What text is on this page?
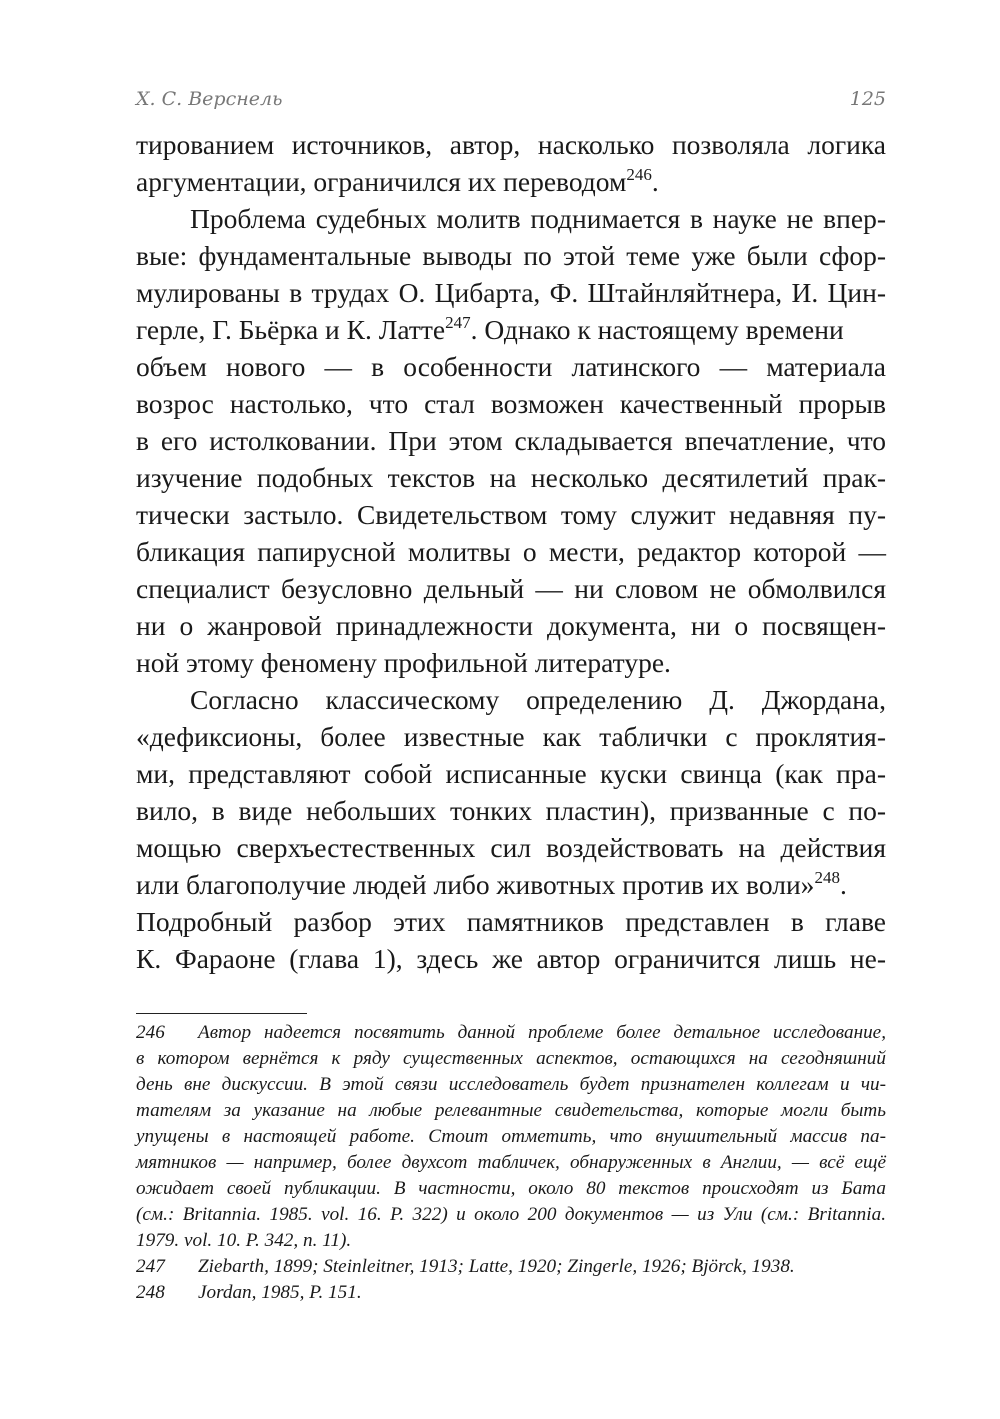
Х. С. Верснель	125
тированием источников, автор, насколько позволяла логика
аргументации, ограничился их переводом$^{246}$.
Проблема судебных молитв поднимается в науке не впер-
вые: фундаментальные выводы по этой теме уже были сфор-
мулированы в трудах О. Цибарта, Ф. Штайнляйтнера, И. Цин-
герле, Г. Бьёрка и К. Латте$^{247}$. Однако к настоящему времени
объем нового — в особенности латинского — материала
возрос настолько, что стал возможен качественный прорыв
в его истолковании. При этом складывается впечатление, что
изучение подобных текстов на несколько десятилетий прак-
тически застыло. Свидетельством тому служит недавняя пу-
бликация папирусной молитвы о мести, редактор которой —
специалист безусловно дельный — ни словом не обмолвился
ни о жанровой принадлежности документа, ни о посвящен-
ной этому феномену профильной литературе.
Согласно классическому определению Д. Джордана,
«дефиксионы, более известные как таблички с проклятия-
ми, представляют собой исписанные куски свинца (как пра-
вило, в виде небольших тонких пластин), призванные с по-
мощью сверхъестественных сил воздействовать на действия
или благополучие людей либо животных против их воли»$^{248}$.
Подробный разбор этих памятников представлен в главе
К. Фараоне (глава 1), здесь же автор ограничится лишь не-
246 Автор надеется посвятить данной проблеме более детальное исследование,
в котором вернётся к ряду существенных аспектов, остающихся на сегодняшний
день вне дискуссии. В этой связи исследователь будет признателен коллегам и чи-
тателям за указание на любые релевантные свидетельства, которые могли быть
упущены в настоящей работе. Стоит отметить, что внушительный массив па-
мятников — например, более двухсот табличек, обнаруженных в Англии, — всё ещё
ожидает своей публикации. В частности, около 80 текстов происходят из Бата
(см.: Britannia. 1985. vol. 16. P. 322) и около 200 документов — из Ули (см.: Britannia.
1979. vol. 10. P. 342, n. 11).
247 Ziebarth, 1899; Steinleitner, 1913; Latte, 1920; Zingerle, 1926; Björck, 1938.
248 Jordan, 1985, P. 151.
